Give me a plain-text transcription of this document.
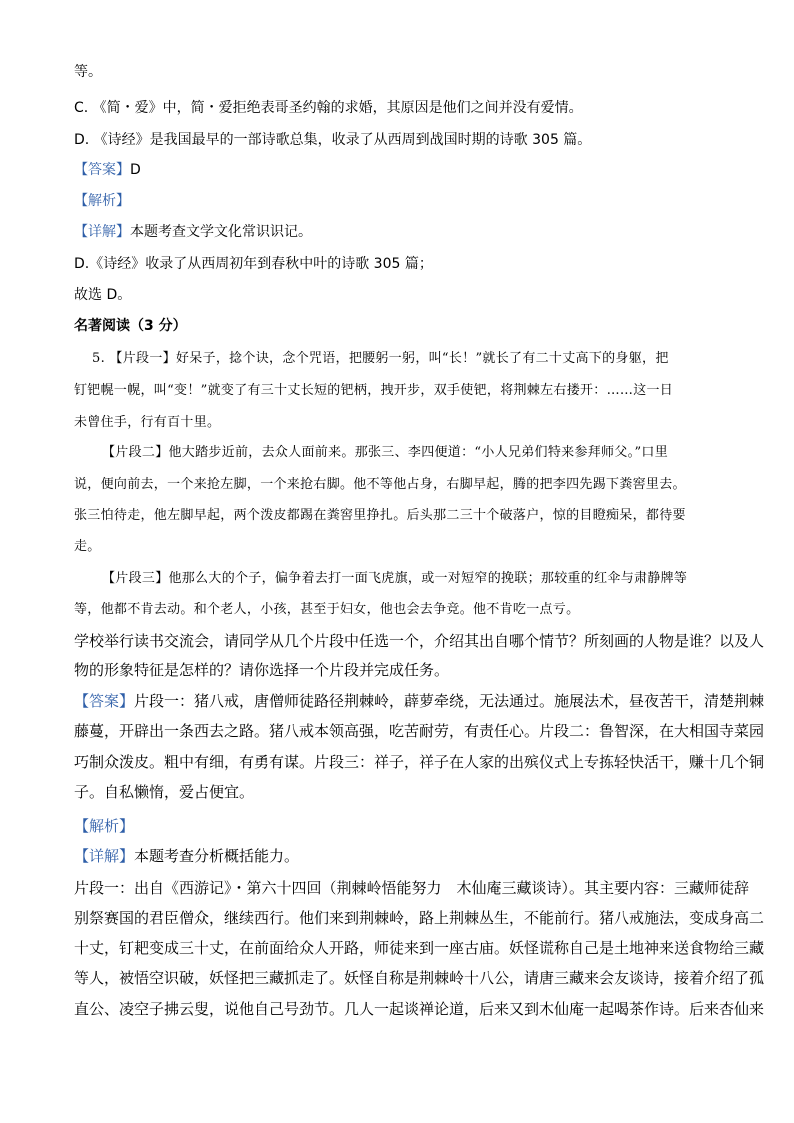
等。
C. 《简・爱》中，简・爱拒绝表哥圣约翰的求婚，其原因是他们之间并没有爱情。
D. 《诗经》是我国最早的一部诗歌总集，收录了从西周到战国时期的诗歌 305 篇。
【答案】D
【解析】
【详解】本题考查文学文化常识识记。
D.《诗经》收录了从西周初年到春秋中叶的诗歌 305 篇；
故选 D。
名著阅读（3 分）
5. 【片段一】好呆子，捻个诀，念个咒语，把腰躬一躬，叫“长！”就长了有二十丈高下的身躯，把
钉钯幌一幌，叫“变！”就变了有三十丈长短的钯柄，拽开步，双手使钯，将荆棘左右搂开：……这一日
未曾住手，行有百十里。
【片段二】他大踏步近前，去众人面前来。那张三、李四便道：“小人兄弟们特来参拜师父。”口里
说，便向前去，一个来抢左脚，一个来抢右脚。他不等他占身，右脚早起，腾的把李四先踢下粪窖里去。
张三怕待走，他左脚早起，两个泼皮都踢在粪窖里挣扎。后头那二三十个破落户，惊的目瞪痴呆，都待要
走。
【片段三】他那么大的个子，偏争着去打一面飞虎旗，或一对短窄的挽联；那较重的红伞与肃静牌等
等，他都不肯去动。和个老人，小孩，甚至于妇女，他也会去争竞。他不肯吃一点亏。
学校举行读书交流会，请同学从几个片段中任选一个，介绍其出自哪个情节？所刻画的人物是谁？以及人
物的形象特征是怎样的？请你选择一个片段并完成任务。
【答案】片段一：猪八戒，唐僧师徒路径荆棘岭，薜萝牵绕，无法通过。施展法术，昼夜苦干，清楚荆棘
藤蔓，开辟出一条西去之路。猪八戒本领高强，吃苦耐劳，有责任心。片段二：鲁智深，在大相国寺菜园
巧制众泼皮。粗中有细，有勇有谋。片段三：祥子，祥子在人家的出殡仪式上专拣轻快活干，赚十几个铜
子。自私懒惰，爱占便宜。
【解析】
【详解】本题考查分析概括能力。
片段一：出自《西游记》・第六十四回（荆棘岭悟能努力　木仙庵三藏谈诗）。其主要内容：三藏师徒辞
别祭赛国的君臣僧众，继续西行。他们来到荆棘岭，路上荆棘丛生，不能前行。猪八戒施法，变成身高二
十丈，钉耙变成三十丈，在前面给众人开路，师徒来到一座古庙。妖怪谎称自己是土地神来送食物给三藏
等人，被悟空识破，妖怪把三藏抓走了。妖怪自称是荆棘岭十八公，请唐三藏来会友谈诗，接着介绍了孤
直公、凌空子拂云叟，说他自己号劲节。几人一起谈禅论道，后来又到木仙庵一起喝茶作诗。后来杏仙来
